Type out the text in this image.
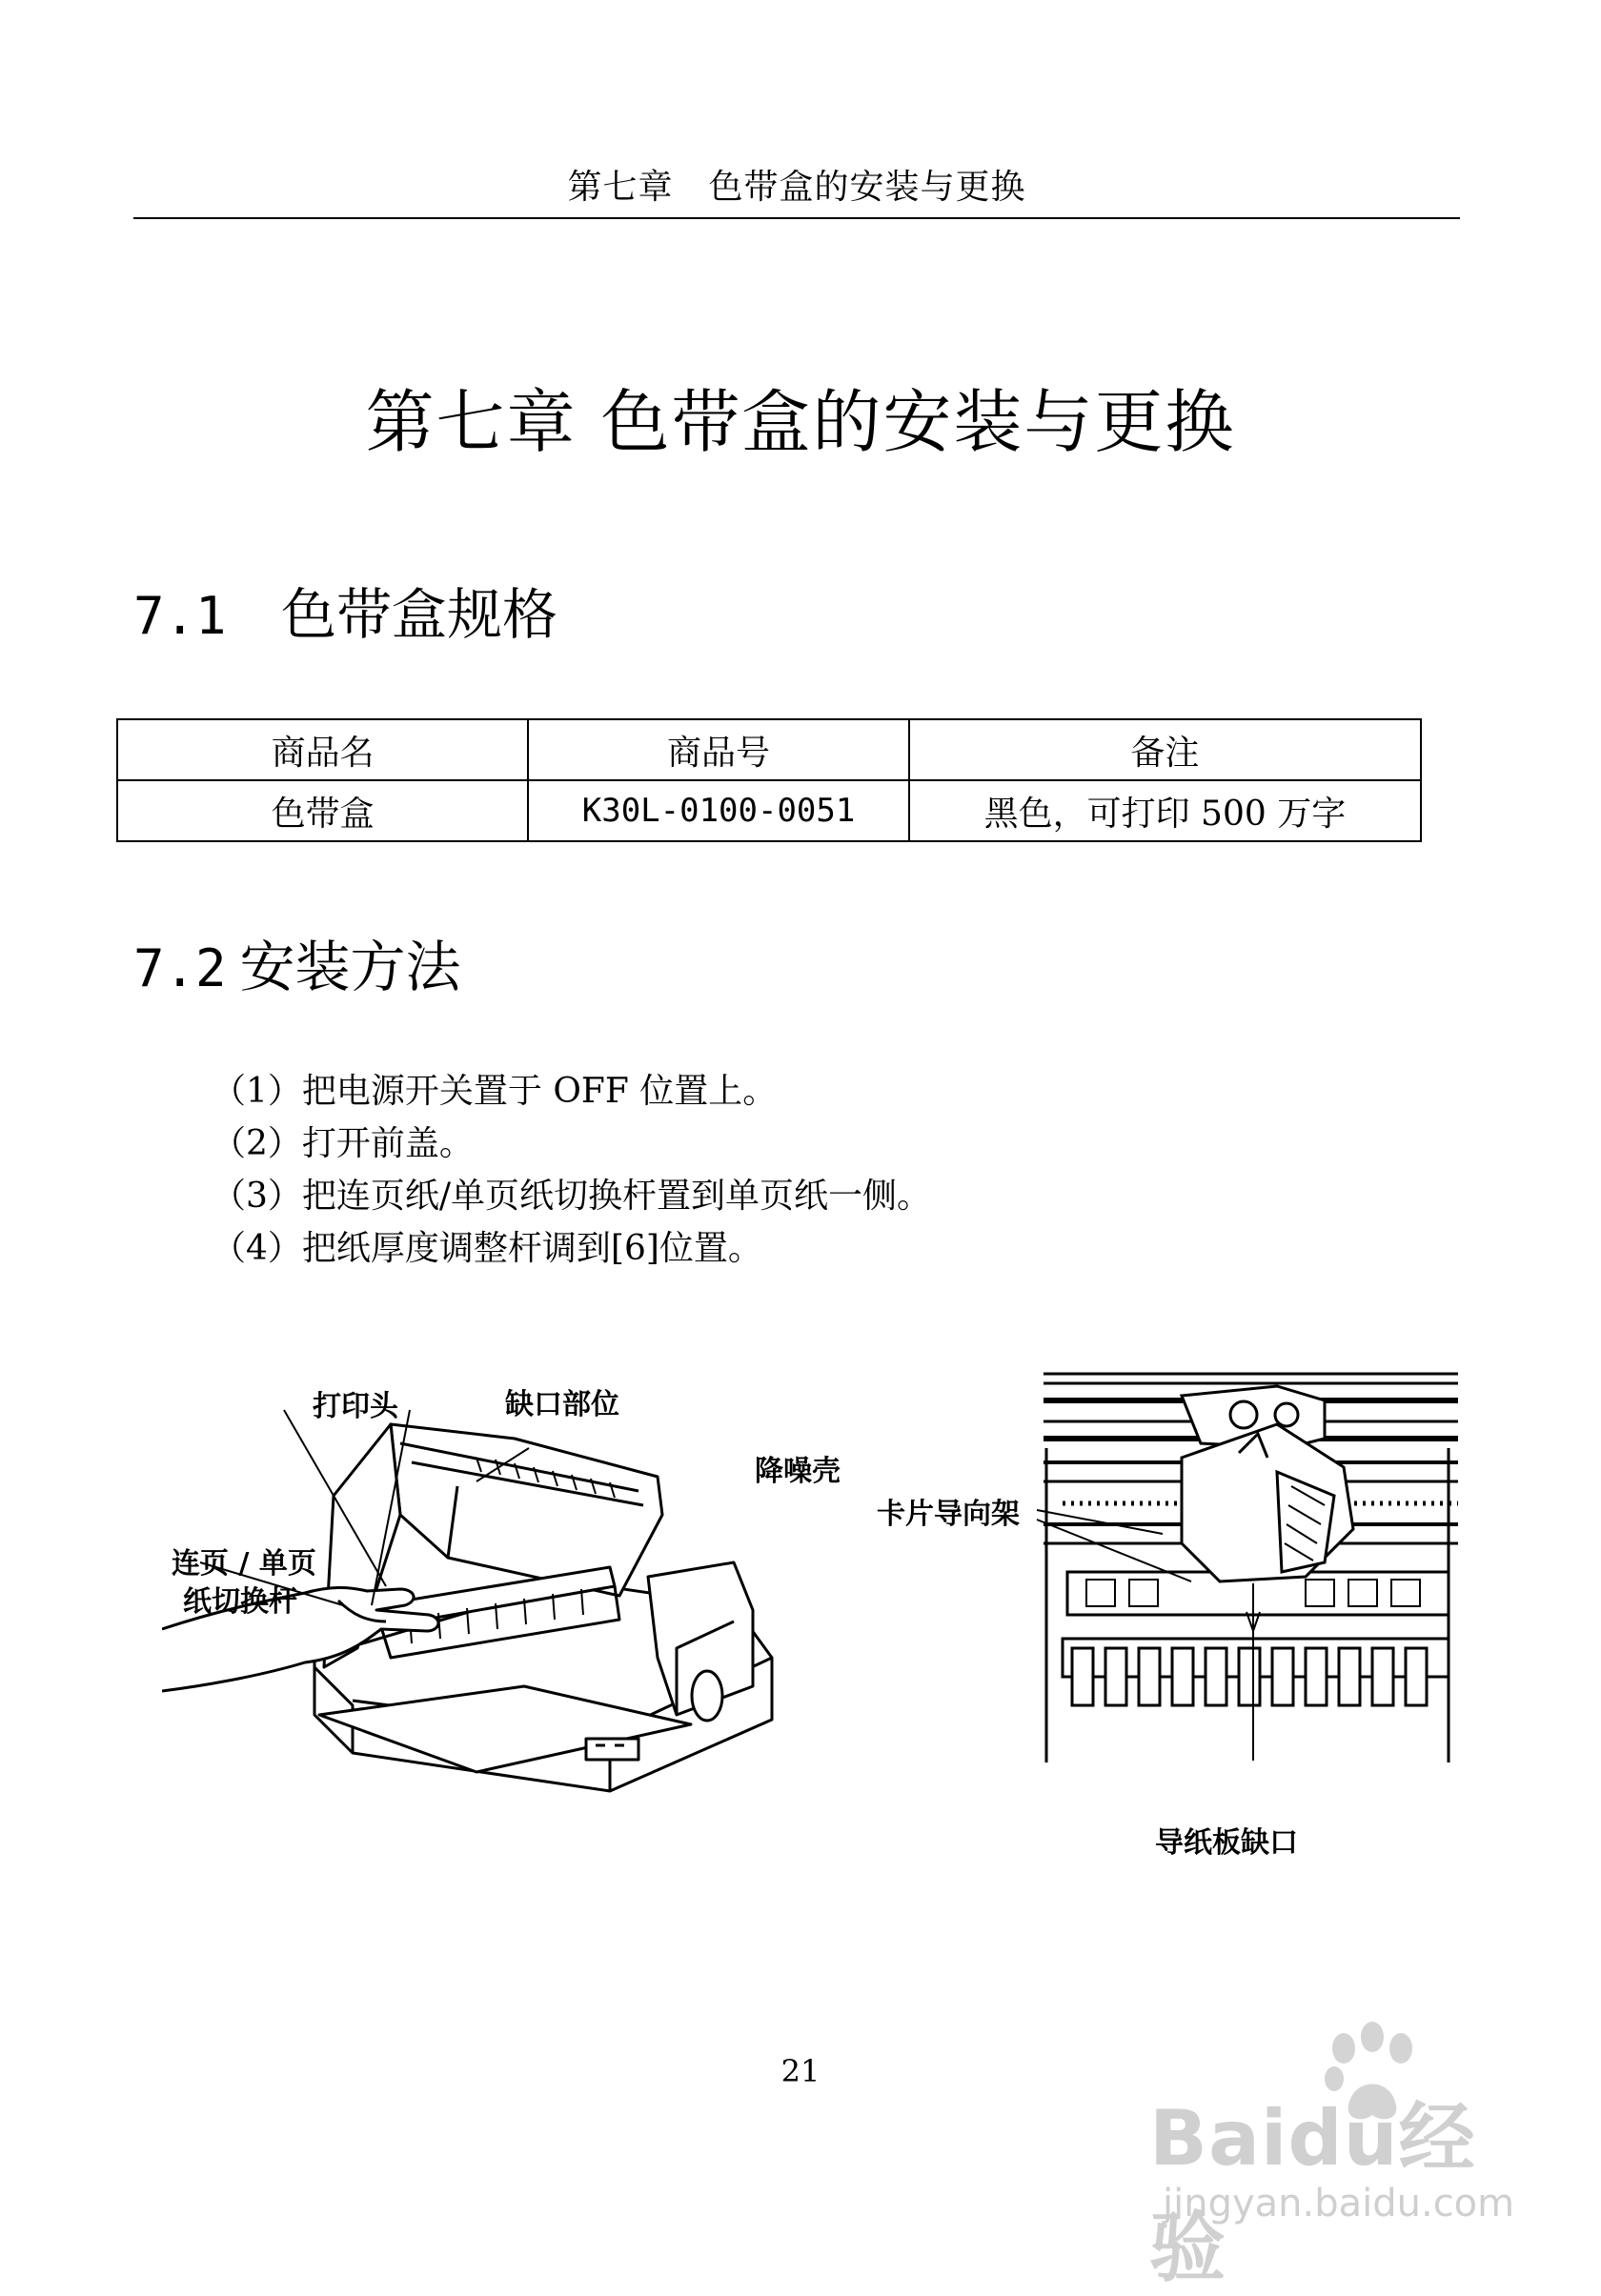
第七章　色带盒的安装与更换
第七章 色带盒的安装与更换
7.1 色带盒规格
商品名	商品号	备注
色带盒	K30L-0100-0051	黑色，可打印 500 万字
7.2 安装方法
（1）把电源开关置于 OFF 位置上。
（2）打开前盖。
（3）把连页纸/单页纸切换杆置到单页纸一侧。
（4）把纸厚度调整杆调到[6]位置。
打印头	缺口部位
降噪壳
连页 / 单页
纸切换杆
卡片导向架
导纸板缺口
21
Baidu经验
jingyan.baidu.com
